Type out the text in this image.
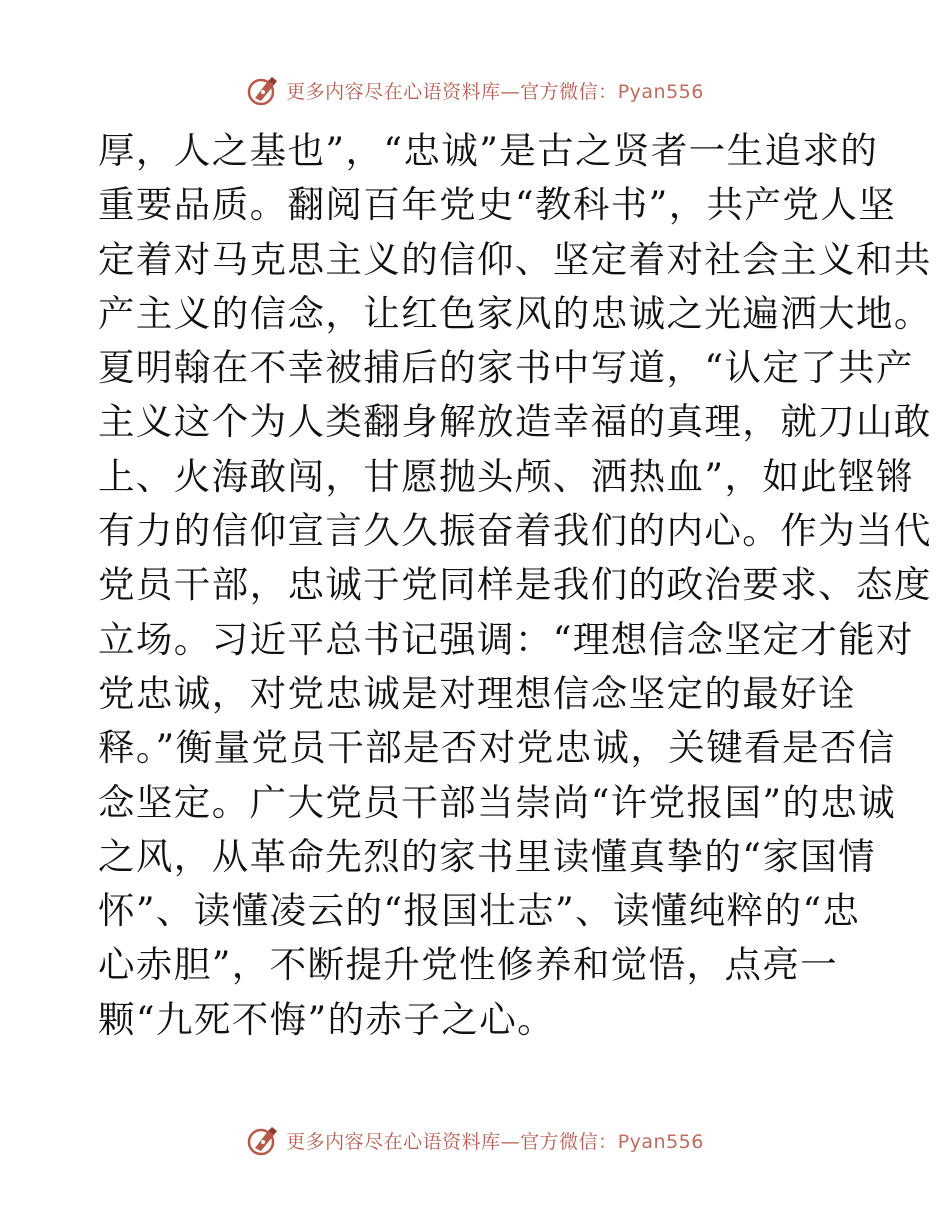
更多内容尽在心语资料库—官方微信：Pyan556
厚，人之基也”，“忠诚”是古之贤者一生追求的
重要品质。翻阅百年党史“教科书”，共产党人坚
定着对马克思主义的信仰、坚定着对社会主义和共
产主义的信念，让红色家风的忠诚之光遍洒大地。
夏明翰在不幸被捕后的家书中写道，“认定了共产
主义这个为人类翻身解放造幸福的真理，就刀山敢
上、火海敢闯，甘愿抛头颅、洒热血”，如此铿锵
有力的信仰宣言久久振奋着我们的内心。作为当代
党员干部，忠诚于党同样是我们的政治要求、态度
立场。习近平总书记强调：“理想信念坚定才能对
党忠诚，对党忠诚是对理想信念坚定的最好诠
释。”衡量党员干部是否对党忠诚，关键看是否信
念坚定。广大党员干部当崇尚“许党报国”的忠诚
之风，从革命先烈的家书里读懂真挚的“家国情
怀”、读懂凌云的“报国壮志”、读懂纯粹的“忠
心赤胆”，不断提升党性修养和觉悟，点亮一
颗“九死不悔”的赤子之心。
更多内容尽在心语资料库—官方微信：Pyan556
